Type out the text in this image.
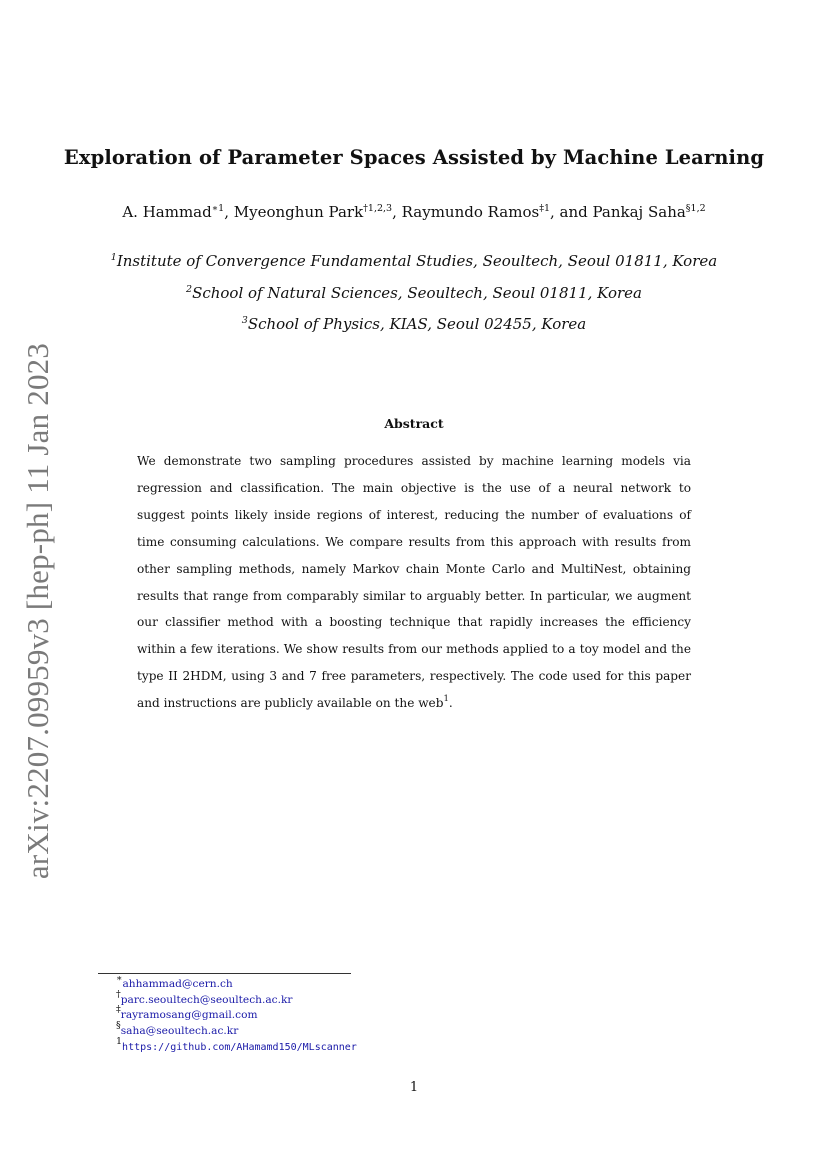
arXiv:2207.09959v3 [hep-ph] 11 Jan 2023
Exploration of Parameter Spaces Assisted by Machine Learning
A. Hammad$^{∗1}$, Myeonghun Park$^{\dagger 1,2,3}$, Raymundo Ramos$^{\ddagger 1}$, and Pankaj Saha$^{\S 1,2}$
$^1$Institute of Convergence Fundamental Studies, Seoultech, Seoul 01811, Korea
$^2$School of Natural Sciences, Seoultech, Seoul 01811, Korea
$^3$School of Physics, KIAS, Seoul 02455, Korea
Abstract
We demonstrate two sampling procedures assisted by machine learning models via regression and classification. The main objective is the use of a neural network to suggest points likely inside regions of interest, reducing the number of evaluations of time consuming calculations. We compare results from this approach with results from other sampling methods, namely Markov chain Monte Carlo and MultiNest, obtaining results that range from comparably similar to arguably better. In particular, we augment our classifier method with a boosting technique that rapidly increases the efficiency within a few iterations. We show results from our methods applied to a toy model and the type II 2HDM, using 3 and 7 free parameters, respectively. The code used for this paper and instructions are publicly available on the web$^1$.
∗ahhammad@cern.ch
†parc.seoultech@seoultech.ac.kr
‡rayramosang@gmail.com
§saha@seoultech.ac.kr
$^1$https://github.com/AHamamd150/MLscanner
1
